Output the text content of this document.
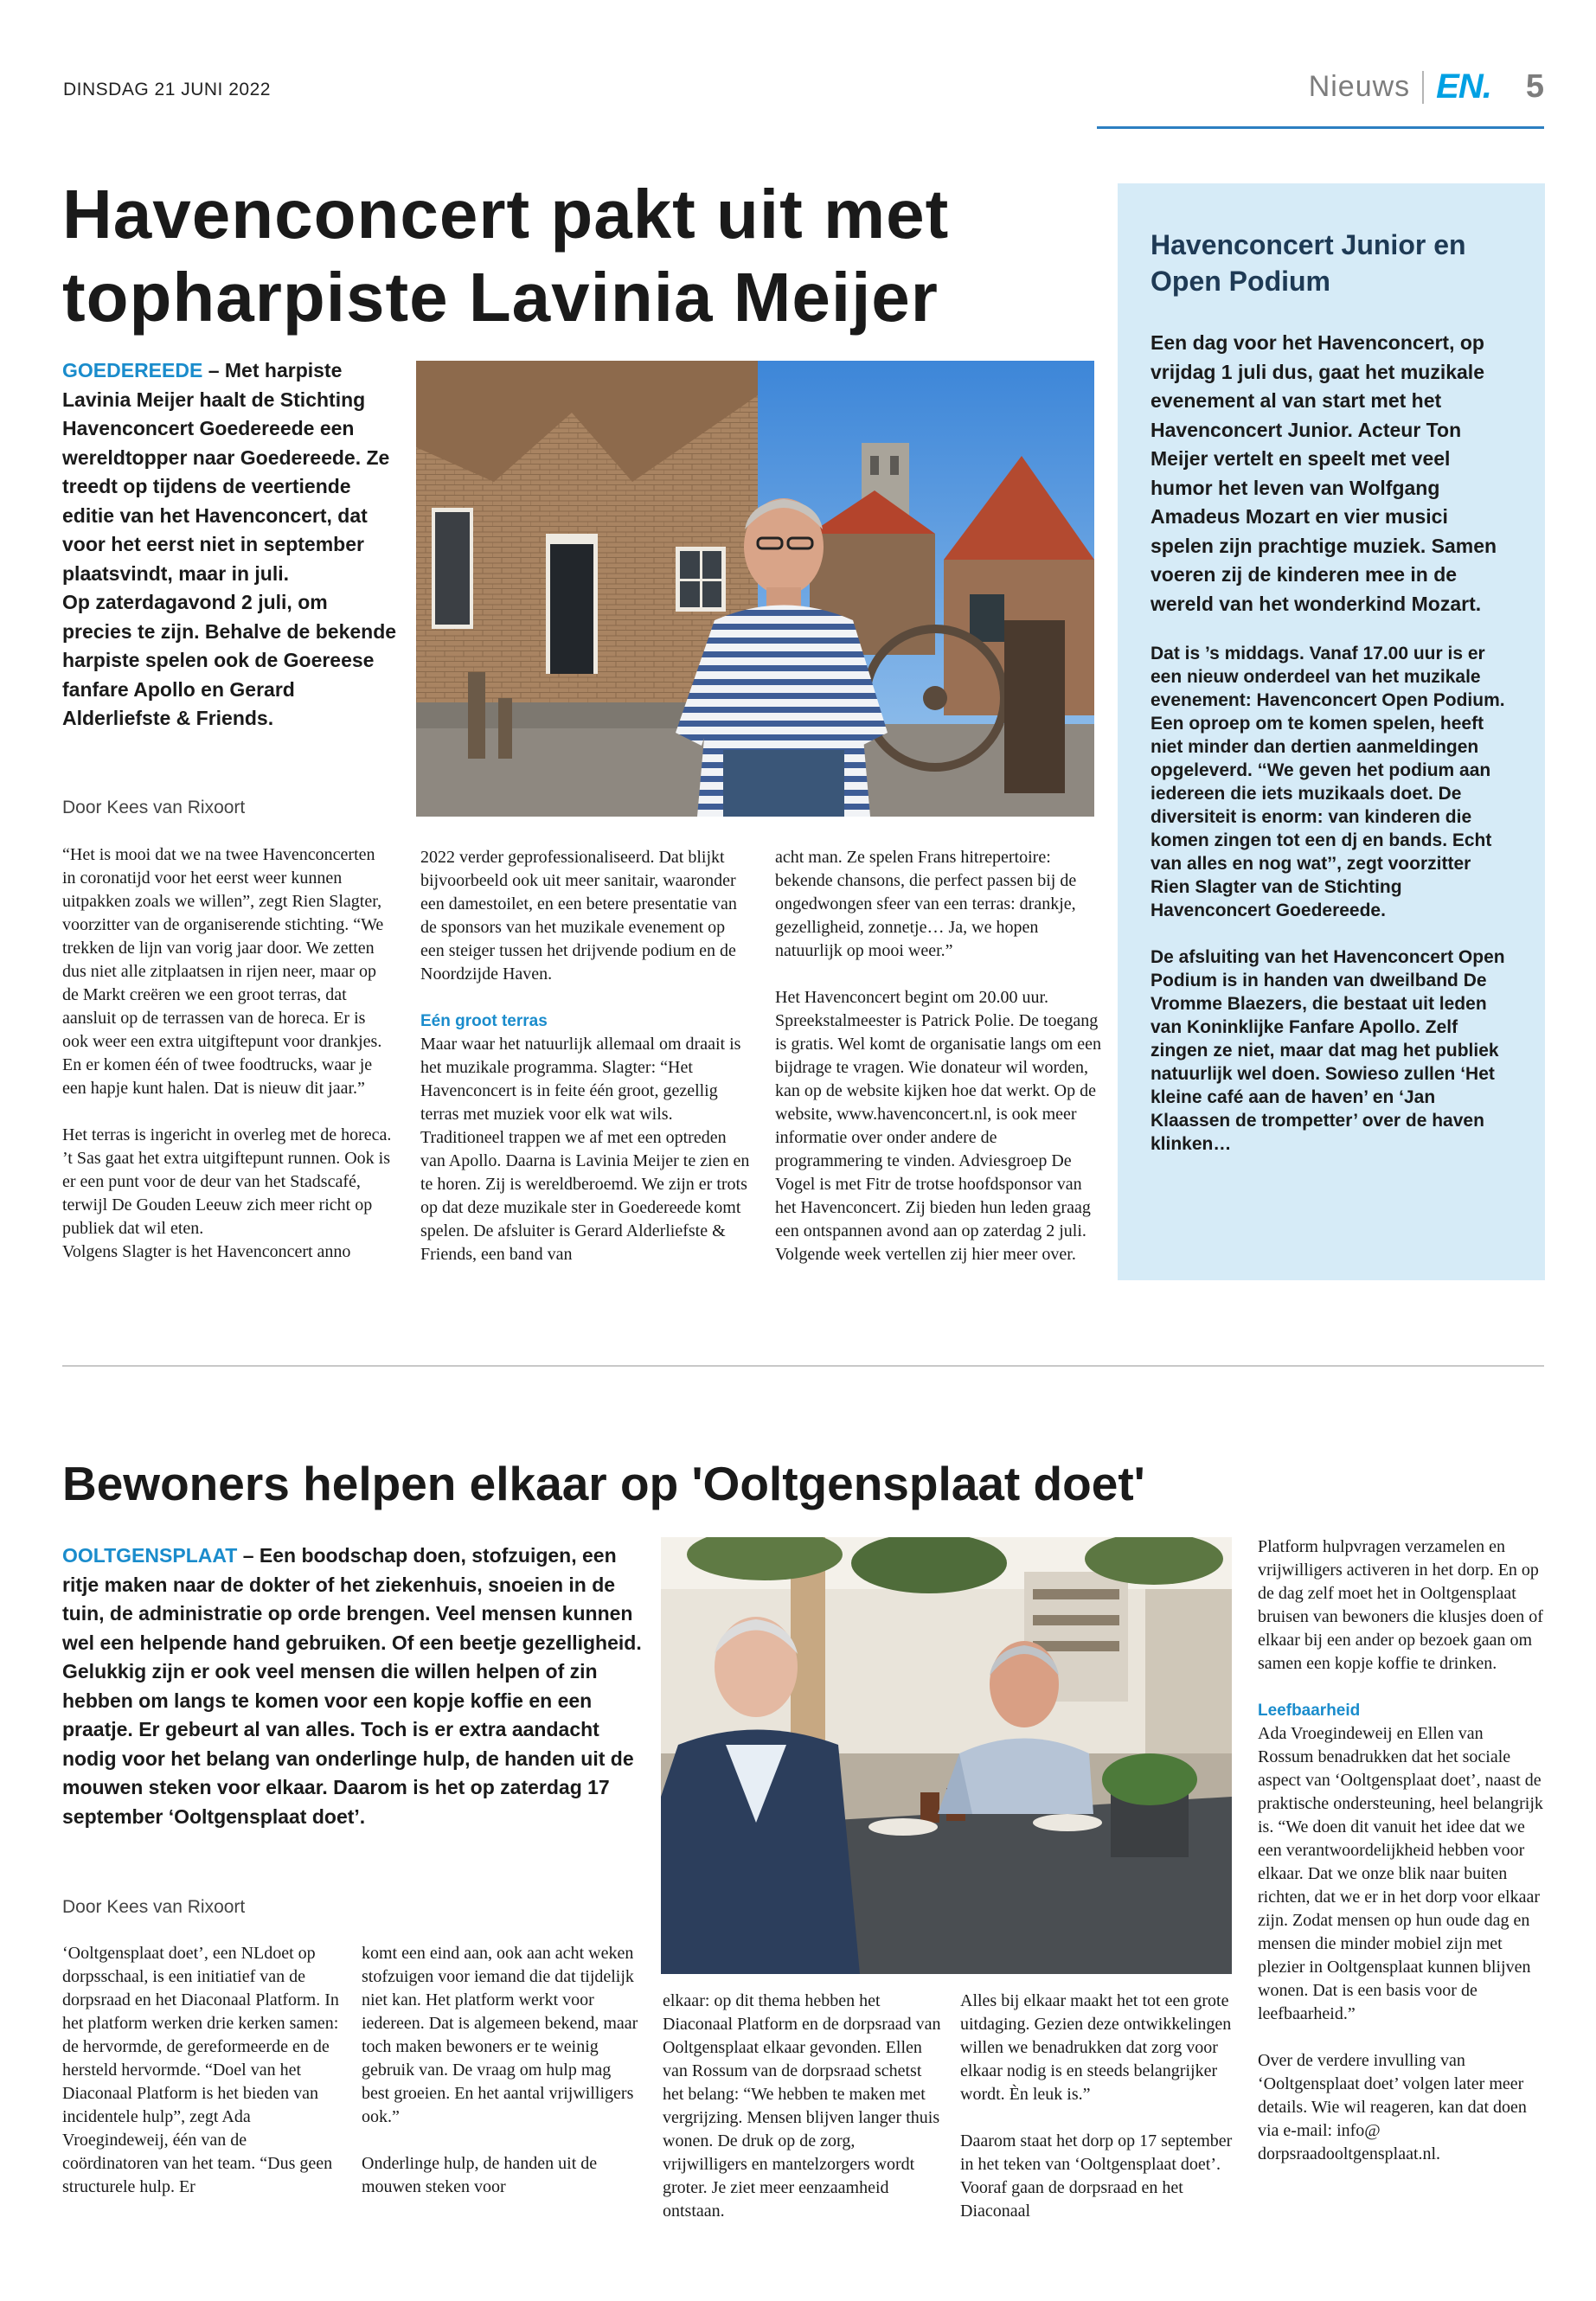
DINSDAG 21 JUNI 2022	Nieuws EN. 5
Havenconcert pakt uit met
topharpiste Lavinia Meijer
GOEDEREEDE – Met harpiste Lavinia Meijer haalt de Stichting Havenconcert Goedereede een wereldtopper naar Goedereede. Ze treedt op tijdens de veertiende editie van het Havenconcert, dat voor het eerst niet in september plaatsvindt, maar in juli.
Op zaterdagavond 2 juli, om precies te zijn. Behalve de bekende harpiste spelen ook de Goereese fanfare Apollo en Gerard Alderliefste & Friends.
Door Kees van Rixoort

“Het is mooi dat we na twee Havenconcerten in coronatijd voor het eerst weer kunnen uitpakken zoals we willen”, zegt Rien Slagter, voorzitter van de organiserende stichting. “We trekken de lijn van vorig jaar door. We zetten dus niet alle zitplaatsen in rijen neer, maar op de Markt creëren we een groot terras, dat aansluit op de terrassen van de horeca. Er is ook weer een extra uitgiftepunt voor drankjes. En er komen één of twee foodtrucks, waar je een hapje kunt halen. Dat is nieuw dit jaar.”

Het terras is ingericht in overleg met de horeca. ’t Sas gaat het extra uitgiftepunt runnen. Ook is er een punt voor de deur van het Stadscafé, terwijl De Gouden Leeuw zich meer richt op publiek dat wil eten.

Volgens Slagter is het Havenconcert anno

2022 verder geprofessionaliseerd. Dat blijkt bijvoorbeeld ook uit meer sanitair, waaronder een damestoilet, en een betere presentatie van de sponsors van het muzikale evenement op een steiger tussen het drijvende podium en de Noordzijde Haven.

Eén groot terras

Maar waar het natuurlijk allemaal om draait is het muzikale programma. Slagter: “Het Havenconcert is in feite één groot, gezellig terras met muziek voor elk wat wils. Traditioneel trappen we af met een optreden van Apollo. Daarna is Lavinia Meijer te zien en te horen. Zij is wereldberoemd. We zijn er trots op dat deze muzikale ster in Goedereede komt spelen. De afsluiter is Gerard Alderliefste & Friends, een band van

acht man. Ze spelen Frans hitrepertoire: bekende chansons, die perfect passen bij de ongedwongen sfeer van een terras: drankje, gezelligheid, zonnetje… Ja, we hopen natuurlijk op mooi weer.”

Het Havenconcert begint om 20.00 uur. Spreekstalmeester is Patrick Polie. De toegang is gratis. Wel komt de organisatie langs om een bijdrage te vragen. Wie donateur wil worden, kan op de website kijken hoe dat werkt. Op de website, www.havenconcert.nl, is ook meer informatie over onder andere de programmering te vinden. Adviesgroep De Vogel is met Fitr de trotse hoofdsponsor van het Havenconcert. Zij bieden hun leden graag een ontspannen avond aan op zaterdag 2 juli. Volgende week vertellen zij hier meer over.

Havenconcert Junior en Open Podium
Een dag voor het Havenconcert, op vrijdag 1 juli dus, gaat het muzikale evenement al van start met het Havenconcert Junior. Acteur Ton Meijer vertelt en speelt met veel humor het leven van Wolfgang Amadeus Mozart en vier musici spelen zijn prachtige muziek. Samen voeren zij de kinderen mee in de wereld van het wonderkind Mozart.
Dat is ’s middags. Vanaf 17.00 uur is er een nieuw onderdeel van het muzikale evenement: Havenconcert Open Podium. Een oproep om te komen spelen, heeft niet minder dan dertien aanmeldingen opgeleverd. ‘‘We geven het podium aan iedereen die iets muzikaals doet. De diversiteit is enorm: van kinderen die komen zingen tot een dj en bands. Echt van alles en nog wat’’, zegt voorzitter Rien Slagter van de Stichting Havenconcert Goedereede.
De afsluiting van het Havenconcert Open Podium is in handen van dweilband De Vromme Blaezers, die bestaat uit leden van Koninklijke Fanfare Apollo. Zelf zingen ze niet, maar dat mag het publiek natuurlijk wel doen. Sowieso zullen ‘Het kleine café aan de haven’ en ‘Jan Klaassen de trompetter’ over de haven klinken…
Bewoners helpen elkaar op 'Ooltgensplaat doet'
OOLTGENSPLAAT – Een boodschap doen, stofzuigen, een ritje maken naar de dokter of het ziekenhuis, snoeien in de tuin, de administratie op orde brengen. Veel mensen kunnen wel een helpende hand gebruiken. Of een beetje gezelligheid. Gelukkig zijn er ook veel mensen die willen helpen of zin hebben om langs te komen voor een kopje koffie en een praatje. Er gebeurt al van alles. Toch is er extra aandacht nodig voor het belang van onderlinge hulp, de handen uit de mouwen steken voor elkaar. Daarom is het op zaterdag 17 september ‘Ooltgensplaat doet’.
Door Kees van Rixoort

‘Ooltgensplaat doet’, een NLdoet op dorpsschaal, is een initiatief van de dorpsraad en het Diaconaal Platform. In het platform werken drie kerken samen: de hervormde, de gereformeerde en de hersteld hervormde. “Doel van het Diaconaal Platform is het bieden van incidentele hulp”, zegt Ada Vroegindeweij, één van de coördinatoren van het team. “Dus geen structurele hulp. Er

komt een eind aan, ook aan acht weken stofzuigen voor iemand die dat tijdelijk niet kan. Het platform werkt voor iedereen. Dat is algemeen bekend, maar toch maken bewoners er te weinig gebruik van. De vraag om hulp mag best groeien. En het aantal vrijwilligers ook.”

Onderlinge hulp, de handen uit de mouwen steken voor

elkaar: op dit thema hebben het Diaconaal Platform en de dorpsraad van Ooltgensplaat elkaar gevonden. Ellen van Rossum van de dorpsraad schetst het belang: “We hebben te maken met vergrijzing. Mensen blijven langer thuis wonen. De druk op de zorg, vrijwilligers en mantelzorgers wordt groter. Je ziet meer eenzaamheid ontstaan.

Alles bij elkaar maakt het tot een grote uitdaging. Gezien deze ontwikkelingen willen we benadrukken dat zorg voor elkaar nodig is en steeds belangrijker wordt. Èn leuk is.”

Daarom staat het dorp op 17 september in het teken van ‘Ooltgensplaat doet’. Vooraf gaan de dorpsraad en het Diaconaal

Platform hulpvragen verzamelen en vrijwilligers activeren in het dorp. En op de dag zelf moet het in Ooltgensplaat bruisen van bewoners die klusjes doen of elkaar bij een ander op bezoek gaan om samen een kopje koffie te drinken.

Leefbaarheid

Ada Vroegindeweij en Ellen van Rossum benadrukken dat het sociale aspect van ‘Ooltgensplaat doet’, naast de praktische ondersteuning, heel belangrijk is. “We doen dit vanuit het idee dat we een verantwoordelijkheid hebben voor elkaar. Dat we onze blik naar buiten richten, dat we er in het dorp voor elkaar zijn. Zodat mensen op hun oude dag en mensen die minder mobiel zijn met plezier in Ooltgensplaat kunnen blijven wonen. Dat is een basis voor de leefbaarheid.”

Over de verdere invulling van ‘Ooltgensplaat doet’ volgen later meer details. Wie wil reageren, kan dat doen via e-mail: info@ dorpsraadooltgensplaat.nl.
